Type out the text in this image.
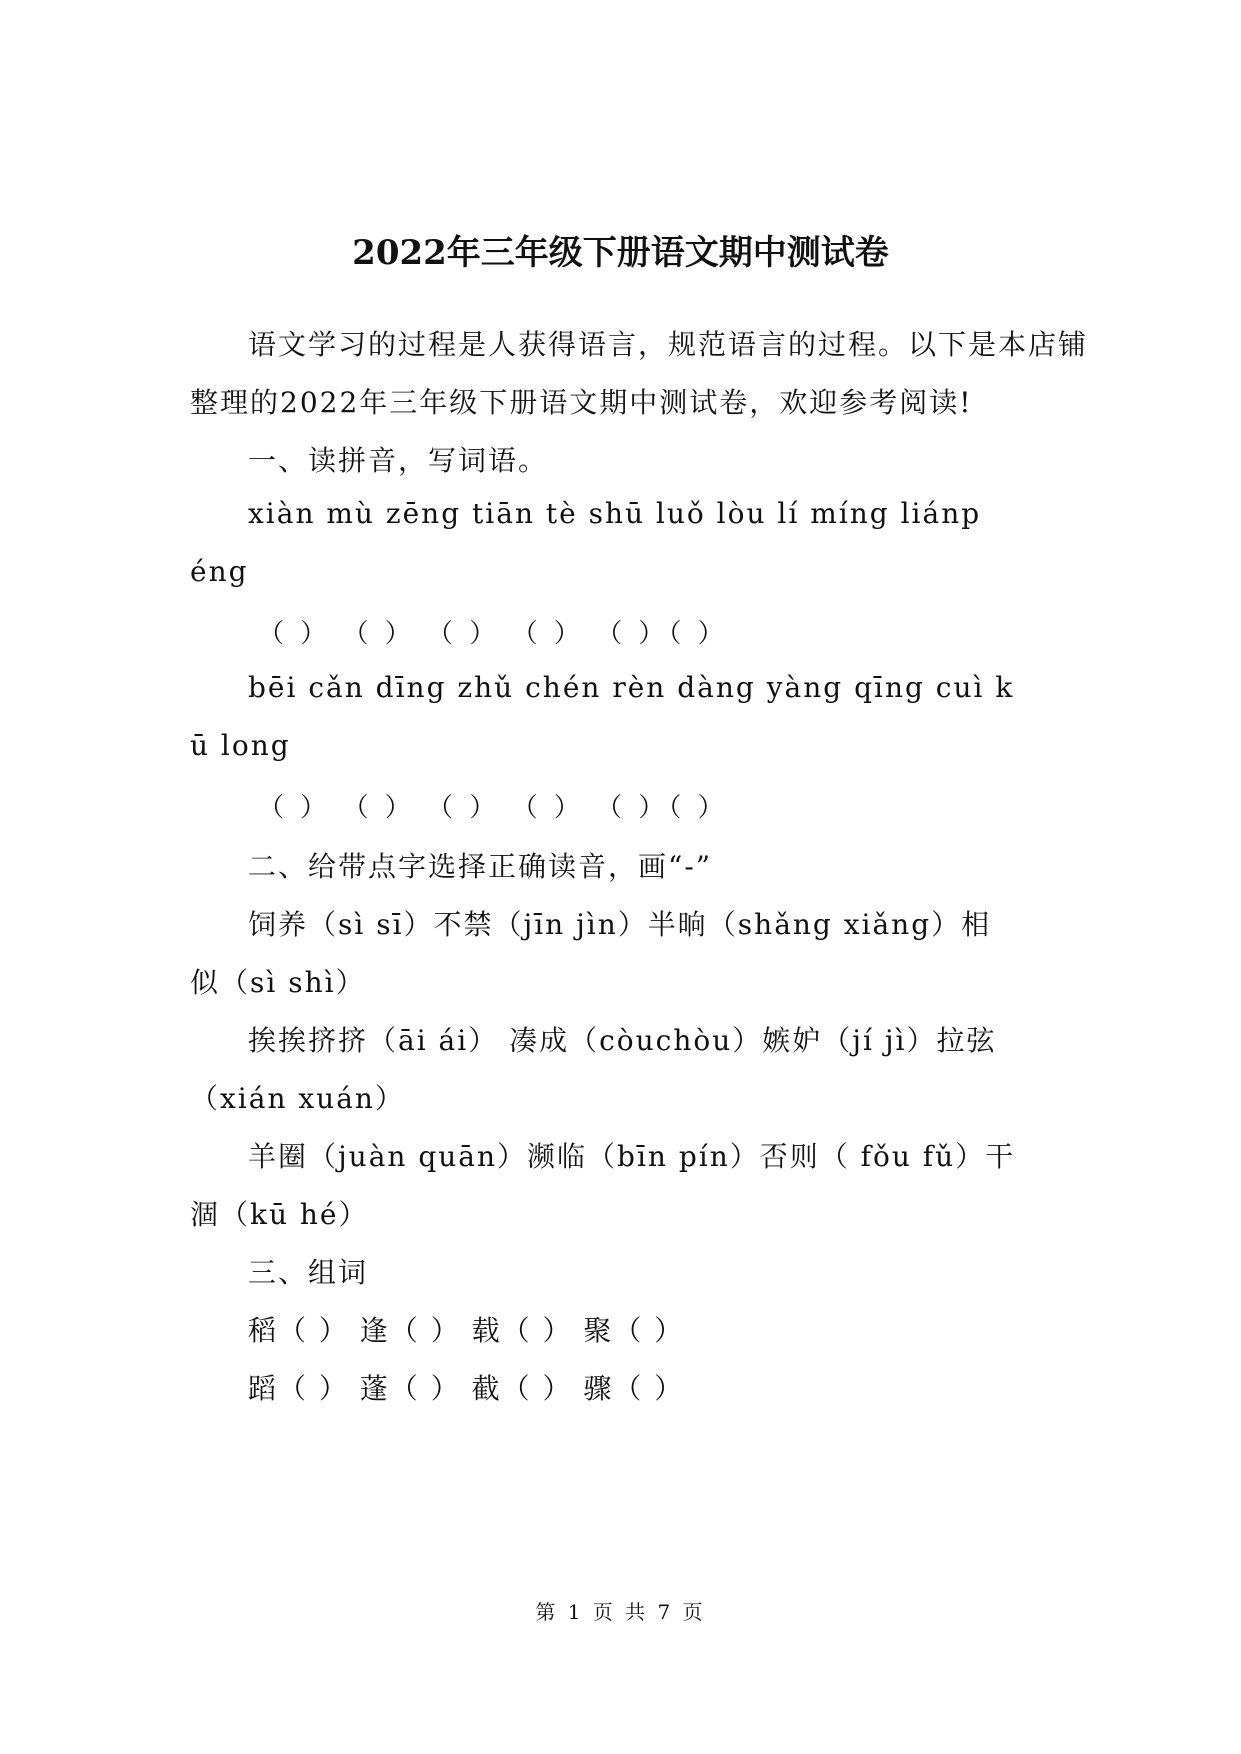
2022年三年级下册语文期中测试卷
语文学习的过程是人获得语言，规范语言的过程。以下是本店铺
整理的2022年三年级下册语文期中测试卷，欢迎参考阅读!
一、读拼音，写词语。
xiàn mù zēng tiān tè shū luǒ lòu lí míng liánp
éng
（ ） （ ） （ ） （ ） （ ）（ ）
bēi cǎn dīng zhǔ chén rèn dàng yàng qīng cuì k
ū long
（ ） （ ） （ ） （ ） （ ）（ ）
二、给带点字选择正确读音，画“-”
饲养（sì sī）不禁（jīn jìn）半晌（shǎng xiǎng）相
似（sì shì）
挨挨挤挤（āi ái） 凑成（còuchòu）嫉妒（jí jì）拉弦
（xián xuán）
羊圈（juàn quān）濒临（bīn pín）否则（ fǒu fǔ）干
涸（kū hé）
三、组词
稻（ ） 逢（ ） 载（ ） 聚（ ）
蹈（ ） 蓬（ ） 截（ ） 骤（ ）
第 1 页 共 7 页
